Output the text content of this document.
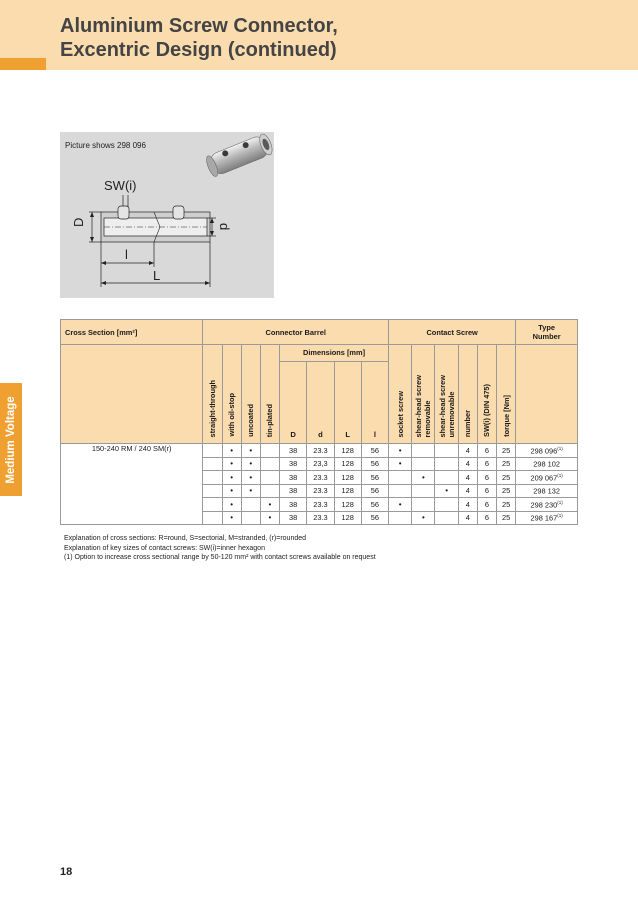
Aluminium Screw Connector,
Excentric Design (continued)
Medium Voltage
Picture shows 298 096
SW(i)
D	d
l
L
Cross Section [mm²]	Connector Barrel								Contact Screw						Type
Number

	straight-through	with oil-stop	uncoated	tin-plated	Dimensions [mm]				socket screw	shear-head screw
removable	shear-head screw
unremovable	number	SW(i) (DIN 475)	torque [Nm]	
					D	d	L	l							
150-240 RM / 240 SM(r)		•	•		38	23.3	128	56	•			4	6	25	298 096$^{(1)}$
		•	•		38	23,3	128	56	•			4	6	25	298 102
		•	•		38	23.3	128	56		•		4	6	25	209 067$^{(1)}$
		•	•		38	23.3	128	56			•	4	6	25	298 132
		•		•	38	23.3	128	56	•			4	6	25	298 230$^{(1)}$
		•		•	38	23.3	128	56		•		4	6	25	298 167$^{(1)}$
Explanation of cross sections: R=round, S=sectorial, M=stranded, (r)=rounded
Explanation of key sizes of contact screws: SW(i)=inner hexagon
(1) Option to increase cross sectional range by 50-120 mm² with contact screws available on request
18
